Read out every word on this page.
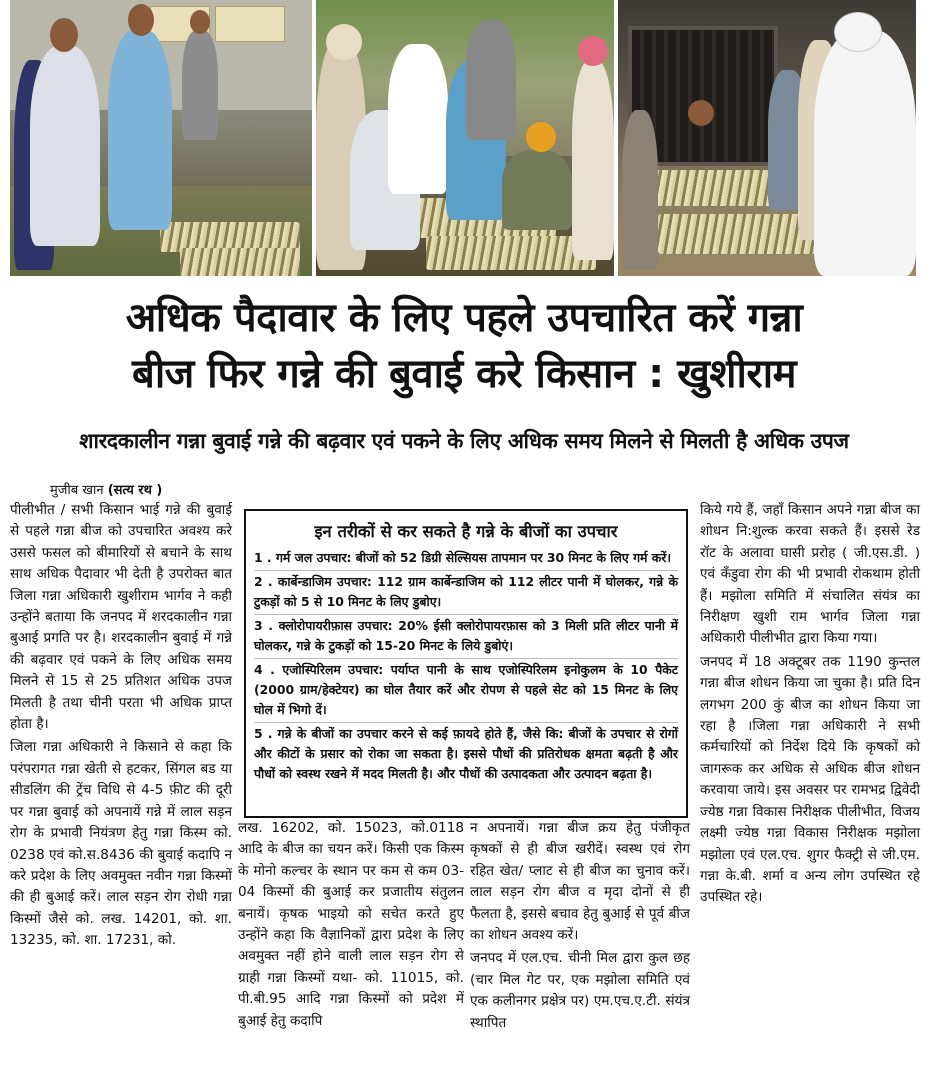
अधिक पैदावार के लिए पहले उपचारित करें गन्ना
बीज फिर गन्ने की बुवाई करे किसान : खुशीराम
शारदकालीन गन्ना बुवाई गन्ने की बढ़वार एवं पकने के लिए अधिक समय मिलने से मिलती है अधिक उपज
मुजीब खान (सत्य रथ )

पीलीभीत / सभी किसान भाई गन्ने की बुवाई से पहले गन्ना बीज को उपचारित अवश्य करे उससे फसल को बीमारियों से बचाने के साथ साथ अधिक पैदावार भी देती है उपरोक्त बात जिला गन्ना अधिकारी खुशीराम भार्गव ने कही उन्होंने बताया कि जनपद में शरदकालीन गन्ना बुआई प्रगति पर है। शरदकालीन बुवाई में गन्ने की बढ़वार एवं पकने के लिए अधिक समय मिलने से 15 से 25 प्रतिशत अधिक उपज मिलती है तथा चीनी परता भी अधिक प्राप्त होता है।

जिला गन्ना अधिकारी ने किसाने से कहा कि परंपरागत गन्ना खेती से हटकर, सिंगल बड या सीडलिंग की ट्रेंच विधि से 4-5 फ़ीट की दूरी पर गन्ना बुवाई को अपनायें गन्ने में लाल सड़न रोग के प्रभावी नियंत्रण हेतु गन्ना किस्म को. 0238 एवं को.स.8436 की बुवाई कदापि न करे प्रदेश के लिए अवमुक्त नवीन गन्ना किस्मों की ही बुआई करें। लाल सड़न रोग रोधी गन्ना किस्मों जैसे को. लख. 14201, को. शा. 13235, को. शा. 17231, को.

इन तरीकों से कर सकते है गन्ने के बीजों का उपचार
1 . गर्म जल उपचार: बीजों को 52 डिग्री सेल्सियस तापमान पर 30 मिनट के लिए गर्म करें।
2 . कार्बेन्डाजिम उपचार: 112 ग्राम कार्बेन्डाजिम को 112 लीटर पानी में घोलकर, गन्ने के टुकड़ों को 5 से 10 मिनट के लिए डुबोए।
3 . क्लोरोपायरीफ़ास उपचार: 20% ईसी क्लोरोपायरफ़ास को 3 मिली प्रति लीटर पानी में घोलकर, गन्ने के टुकड़ों को 15-20 मिनट के लिये डुबोएं।
4 . एजोस्पिरिलम उपचार: पर्याप्त पानी के साथ एजोस्पिरिलम इनोकुलम के 10 पैकेट (2000 ग्राम/हेक्टेयर) का घोल तैयार करें और रोपण से पहले सेट को 15 मिनट के लिए घोल में भिगो दें।
5 . गन्ने के बीजों का उपचार करने से कई फ़ायदे होते हैं, जैसे कि: बीजों के उपचार से रोगों और कीटों के प्रसार को रोका जा सकता है। इससे पौधों की प्रतिरोधक क्षमता बढ़ती है और पौधों को स्वस्थ रखने में मदद मिलती है। और पौधों की उत्पादकता और उत्पादन बढ़ता है।

लख. 16202, को. 15023, को.0118 आदि के बीज का चयन करें। किसी एक किस्म के मोनो कल्चर के स्थान पर कम से कम 03-04 किस्मों की बुआई कर प्रजातीय संतुलन बनायें। कृषक भाइयो को सचेत करते हुए उन्होंने कहा कि वैज्ञानिकों द्वारा प्रदेश के लिए अवमुक्त नहीं होने वाली लाल सड़न रोग से ग्राही गन्ना किस्मों यथा- को. 11015, को. पी.बी.95 आदि गन्ना किस्मों को प्रदेश में बुआई हेतु कदापि

न अपनायें। गन्ना बीज क्रय हेतु पंजीकृत कृषकों से ही बीज खरीदें। स्वस्थ एवं रोग रहित खेत/ प्लाट से ही बीज का चुनाव करें। लाल सड़न रोग बीज व मृदा दोनों से ही फैलता है, इससे बचाव हेतु बुआई से पूर्व बीज का शोधन अवश्य करें।

जनपद में एल.एच. चीनी मिल द्वारा कुल छह (चार मिल गेट पर, एक मझोला समिति एवं एक कलीनगर प्रक्षेत्र पर) एम.एच.ए.टी. संयंत्र स्थापित

किये गये हैं, जहाँ किसान अपने गन्ना बीज का शोधन नि:शुल्क करवा सकते हैं। इससे रेड रॉट के अलावा घासी प्ररोह ( जी.एस.डी. ) एवं कँडुवा रोग की भी प्रभावी रोकथाम होती हैं। मझोला समिति में संचालित संयंत्र का निरीक्षण खुशी राम भार्गव जिला गन्ना अधिकारी पीलीभीत द्वारा किया गया।

जनपद में 18 अक्टूबर तक 1190 कुन्तल गन्ना बीज शोधन किया जा चुका है। प्रति दिन लगभग 200 कुं बीज का शोधन किया जा रहा है ।जिला गन्ना अधिकारी ने सभी कर्मचारियों को निर्देश दिये कि कृषकों को जागरूक कर अधिक से अधिक बीज शोधन करवाया जाये। इस अवसर पर रामभद्र द्विवेदी ज्येष्ठ गन्ना विकास निरीक्षक पीलीभीत, विजय लक्ष्मी ज्येष्ठ गन्ना विकास निरीक्षक मझोला मझोला एवं एल.एच. शुगर फैक्ट्री से जी.एम. गन्ना के.बी. शर्मा व अन्य लोग उपस्थित रहे उपस्थित रहे।
